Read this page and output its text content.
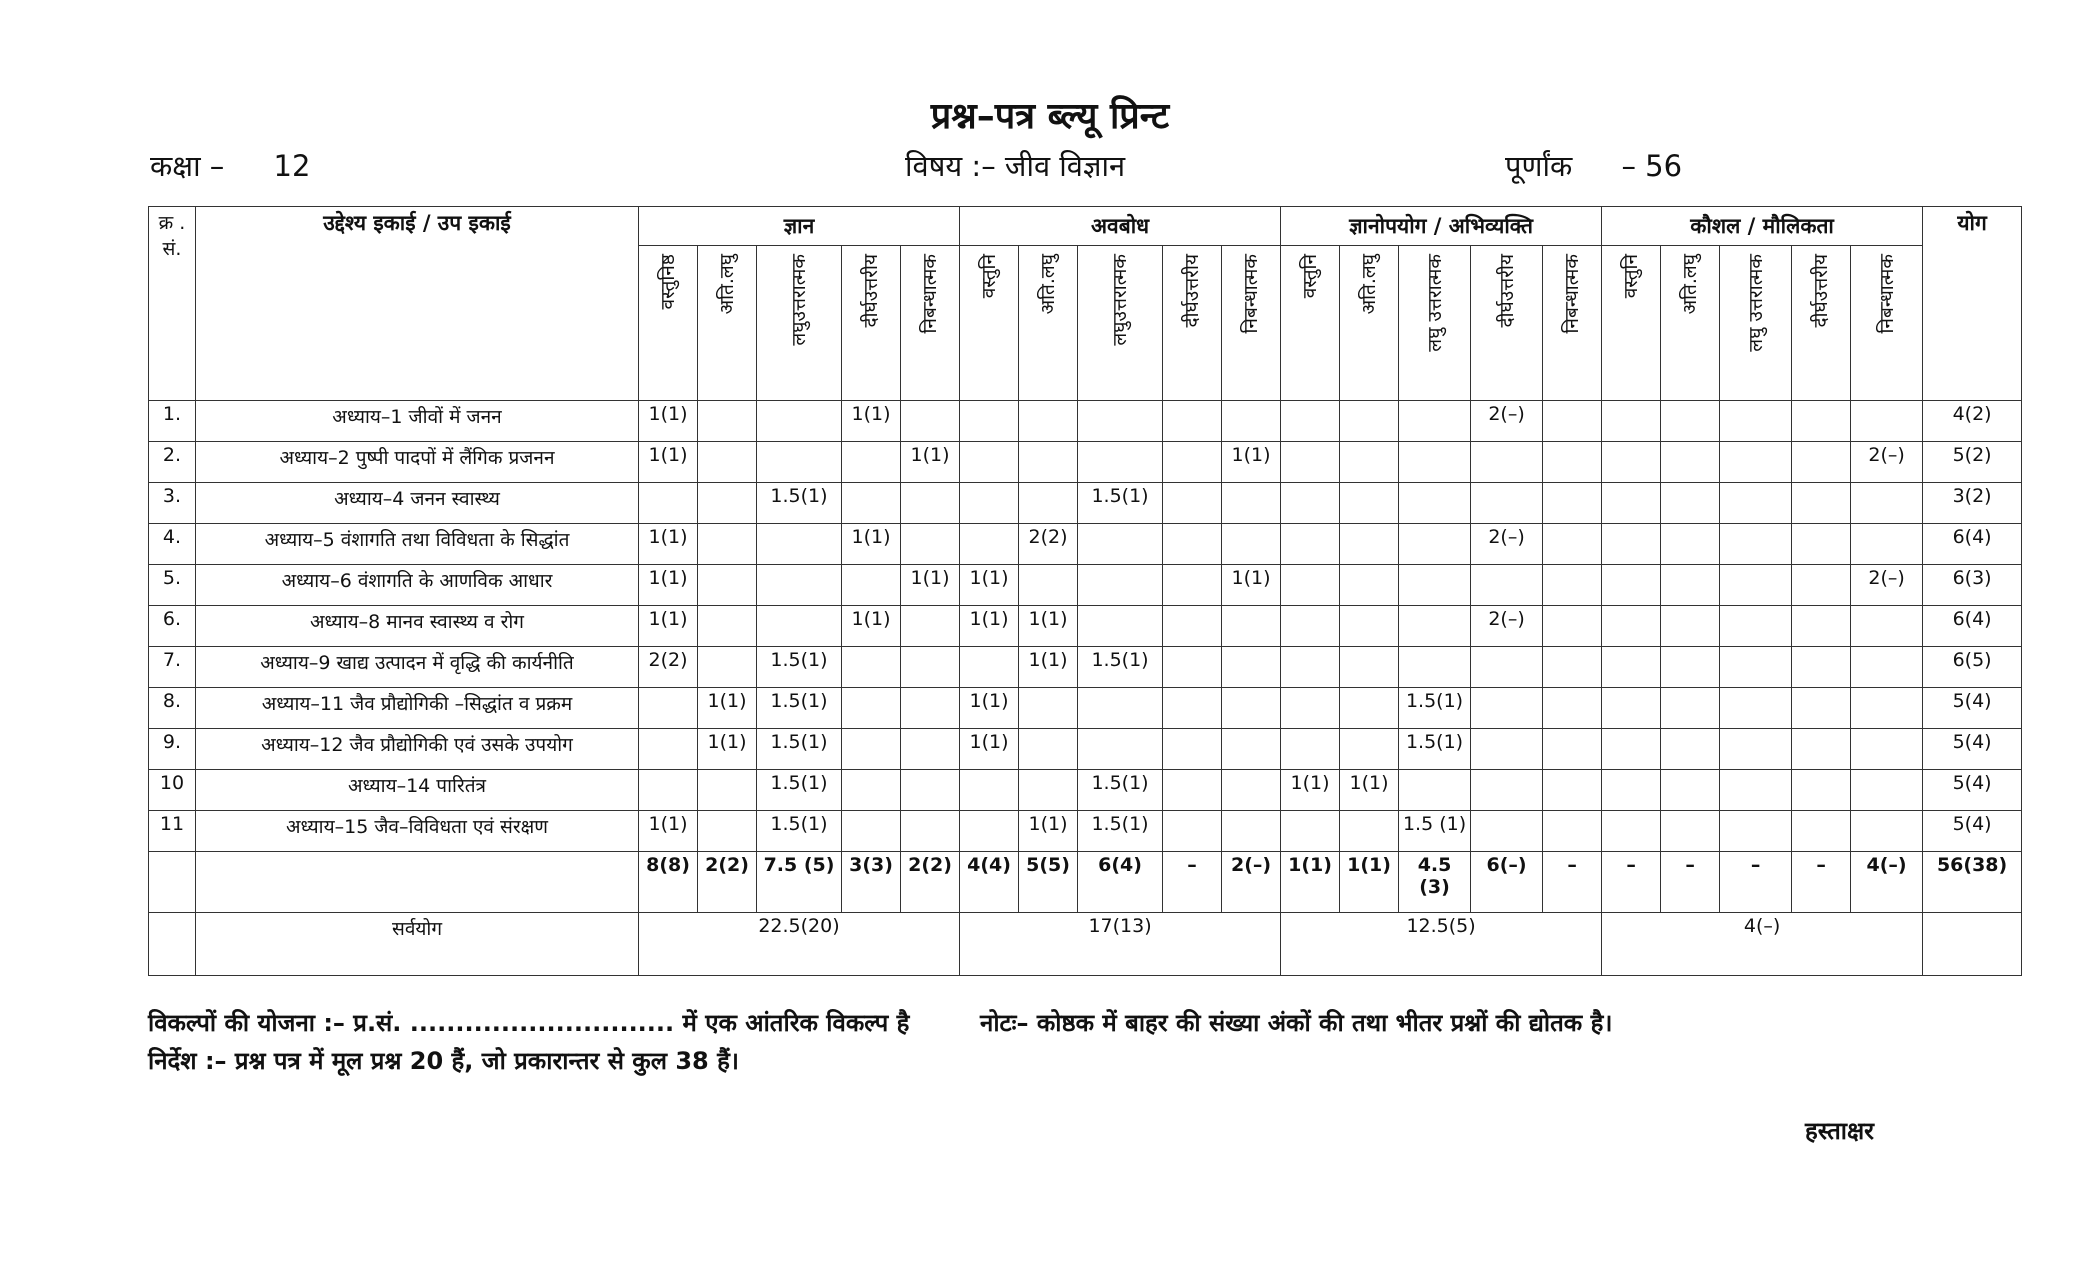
प्रश्न–पत्र ब्ल्यू प्रिन्ट
कक्षा – 12	विषय :– जीव विज्ञान	पूर्णांक – 56
क्र . सं.	उद्देश्य इकाई / उप इकाई	ज्ञान					अवबोध					ज्ञानोपयोग / अभिव्यक्ति					कौशल / मौलिकता					योग
		वस्तुनिष्ठ	अति.लघु	लघुउत्तरात्मक	दीर्घउत्तरीय	निबन्धात्मक	वस्तुनि	अति.लघु	लघुउत्तरात्मक	दीर्घउत्तरीय	निबन्धात्मक	वस्तुनि	अति.लघु	लघु उत्तरात्मक	दीर्घउत्तरीय	निबन्धात्मक	वस्तुनि	अति.लघु	लघु उत्तरात्मक	दीर्घउत्तरीय	निबन्धात्मक	
1.	अध्याय–1 जीवों में जनन	1(1)			1(1)										2(–)							4(2)
2.	अध्याय–2 पुष्पी पादपों में लैंगिक प्रजनन	1(1)				1(1)					1(1)										2(–)	5(2)
3.	अध्याय–4 जनन स्वास्थ्य			1.5(1)					1.5(1)													3(2)
4.	अध्याय–5 वंशागति तथा विविधता के सिद्धांत	1(1)			1(1)			2(2)							2(–)							6(4)
5.	अध्याय–6 वंशागति के आणविक आधार	1(1)				1(1)	1(1)				1(1)										2(–)	6(3)
6.	अध्याय–8 मानव स्वास्थ्य व रोग	1(1)			1(1)		1(1)	1(1)							2(–)							6(4)
7.	अध्याय–9 खाद्य उत्पादन में वृद्धि की कार्यनीति	2(2)		1.5(1)				1(1)	1.5(1)													6(5)
8.	अध्याय–11 जैव प्रौद्योगिकी –सिद्धांत व प्रक्रम		1(1)	1.5(1)			1(1)							1.5(1)								5(4)
9.	अध्याय–12 जैव प्रौद्योगिकी एवं उसके उपयोग		1(1)	1.5(1)			1(1)							1.5(1)								5(4)
10	अध्याय–14 पारितंत्र			1.5(1)					1.5(1)			1(1)	1(1)									5(4)
11	अध्याय–15 जैव–विविधता एवं संरक्षण	1(1)		1.5(1)				1(1)	1.5(1)					1.5 (1)								5(4)
		8(8)	2(2)	7.5 (5)	3(3)	2(2)	4(4)	5(5)	6(4)	–	2(–)	1(1)	1(1)	4.5 (3)	6(–)	–	–	–	–	–	4(–)	56(38)
	सर्वयोग	22.5(20)					17(13)					12.5(5)					4(–)					
विकल्पों की योजना :– प्र.सं. ............................. में एक आंतरिक विकल्प है	नोटः– कोष्ठक में बाहर की संख्या अंकों की तथा भीतर प्रश्नों की द्योतक है।
निर्देश :– प्रश्न पत्र में मूल प्रश्न 20 हैं, जो प्रकारान्तर से कुल 38 हैं।
हस्ताक्षर
